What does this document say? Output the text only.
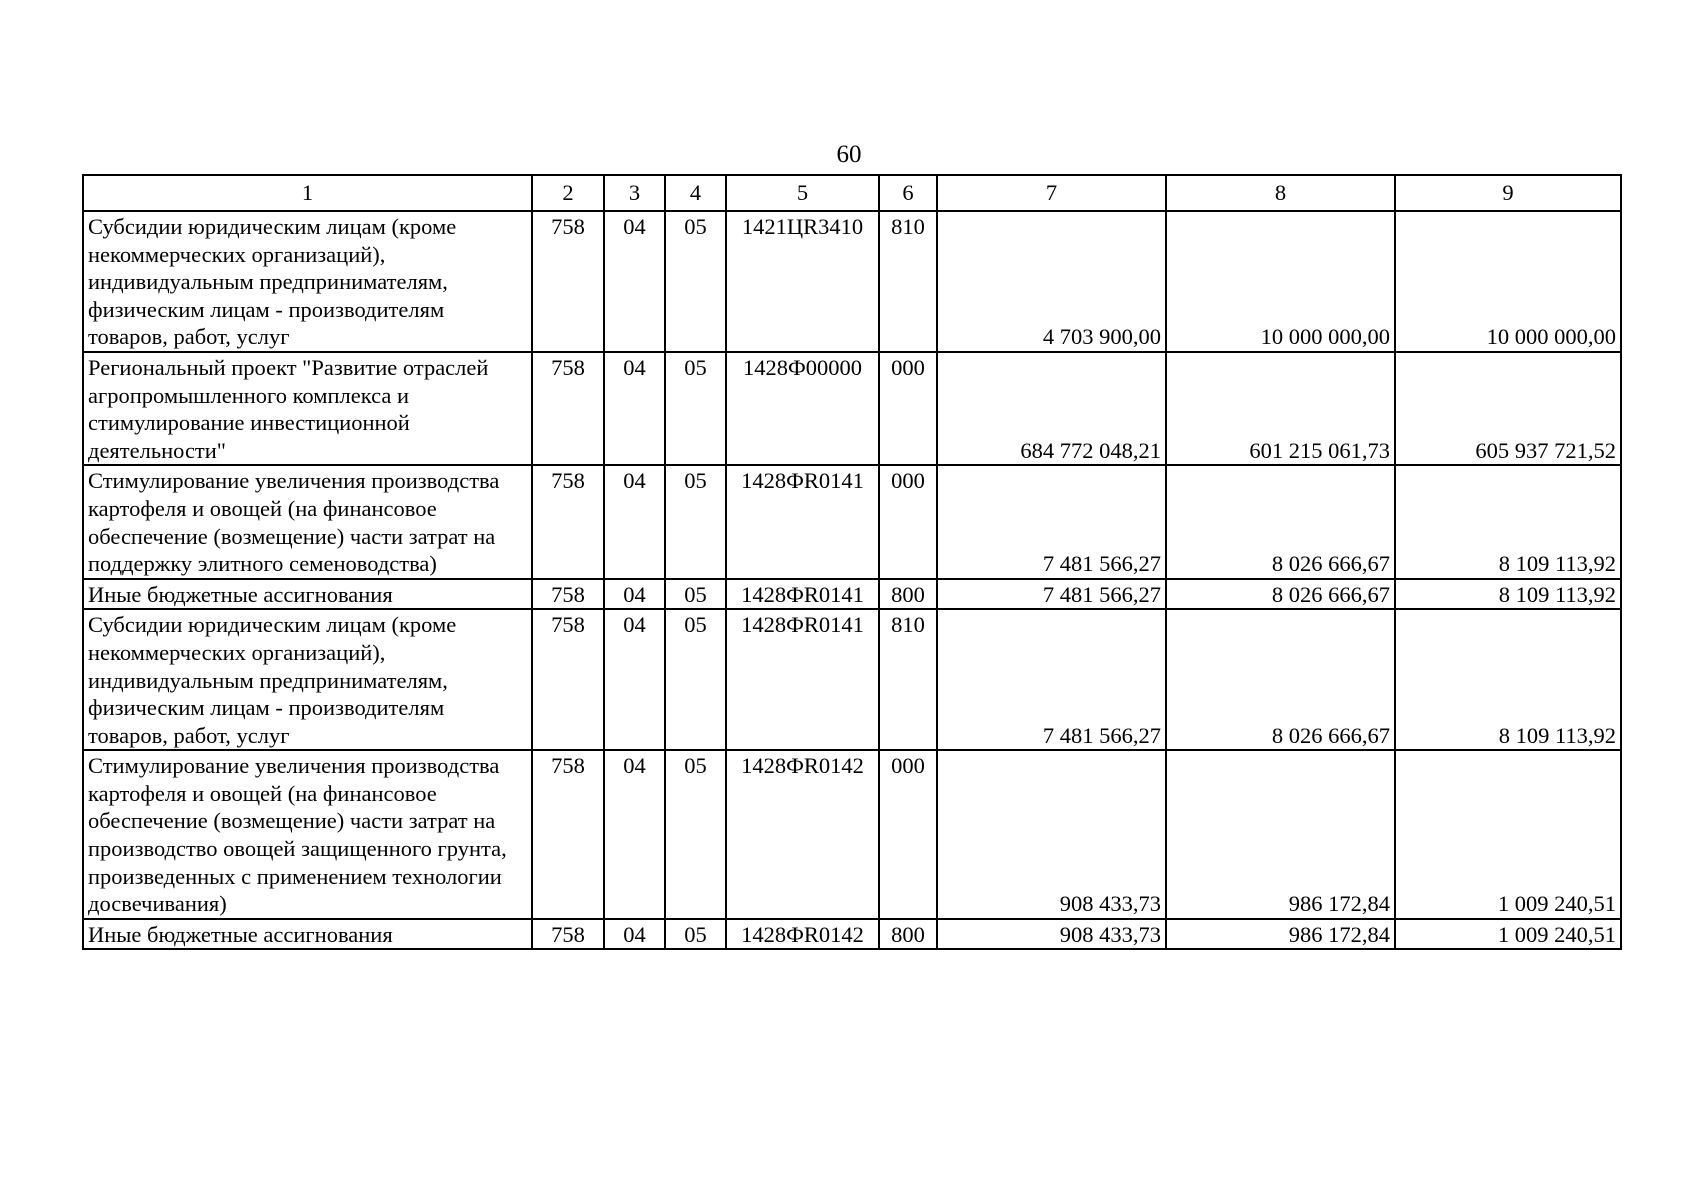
60
1	2	3	4	5	6	7	8	9
Субсидии юридическим лицам (кроме некоммерческих организаций), индивидуальным предпринимателям, физическим лицам - производителям товаров, работ, услуг	758	04	05	1421ЦR3410	810	4 703 900,00	10 000 000,00	10 000 000,00
Региональный проект "Развитие отраслей агропромышленного комплекса и стимулирование инвестиционной деятельности"	758	04	05	1428Ф00000	000	684 772 048,21	601 215 061,73	605 937 721,52
Стимулирование увеличения производства картофеля и овощей (на финансовое обеспечение (возмещение) части затрат на поддержку элитного семеноводства)	758	04	05	1428ФR0141	000	7 481 566,27	8 026 666,67	8 109 113,92
Иные бюджетные ассигнования	758	04	05	1428ФR0141	800	7 481 566,27	8 026 666,67	8 109 113,92
Субсидии юридическим лицам (кроме некоммерческих организаций), индивидуальным предпринимателям, физическим лицам - производителям товаров, работ, услуг	758	04	05	1428ФR0141	810	7 481 566,27	8 026 666,67	8 109 113,92
Стимулирование увеличения производства картофеля и овощей (на финансовое обеспечение (возмещение) части затрат на производство овощей защищенного грунта, произведенных с применением технологии досвечивания)	758	04	05	1428ФR0142	000	908 433,73	986 172,84	1 009 240,51
Иные бюджетные ассигнования	758	04	05	1428ФR0142	800	908 433,73	986 172,84	1 009 240,51
